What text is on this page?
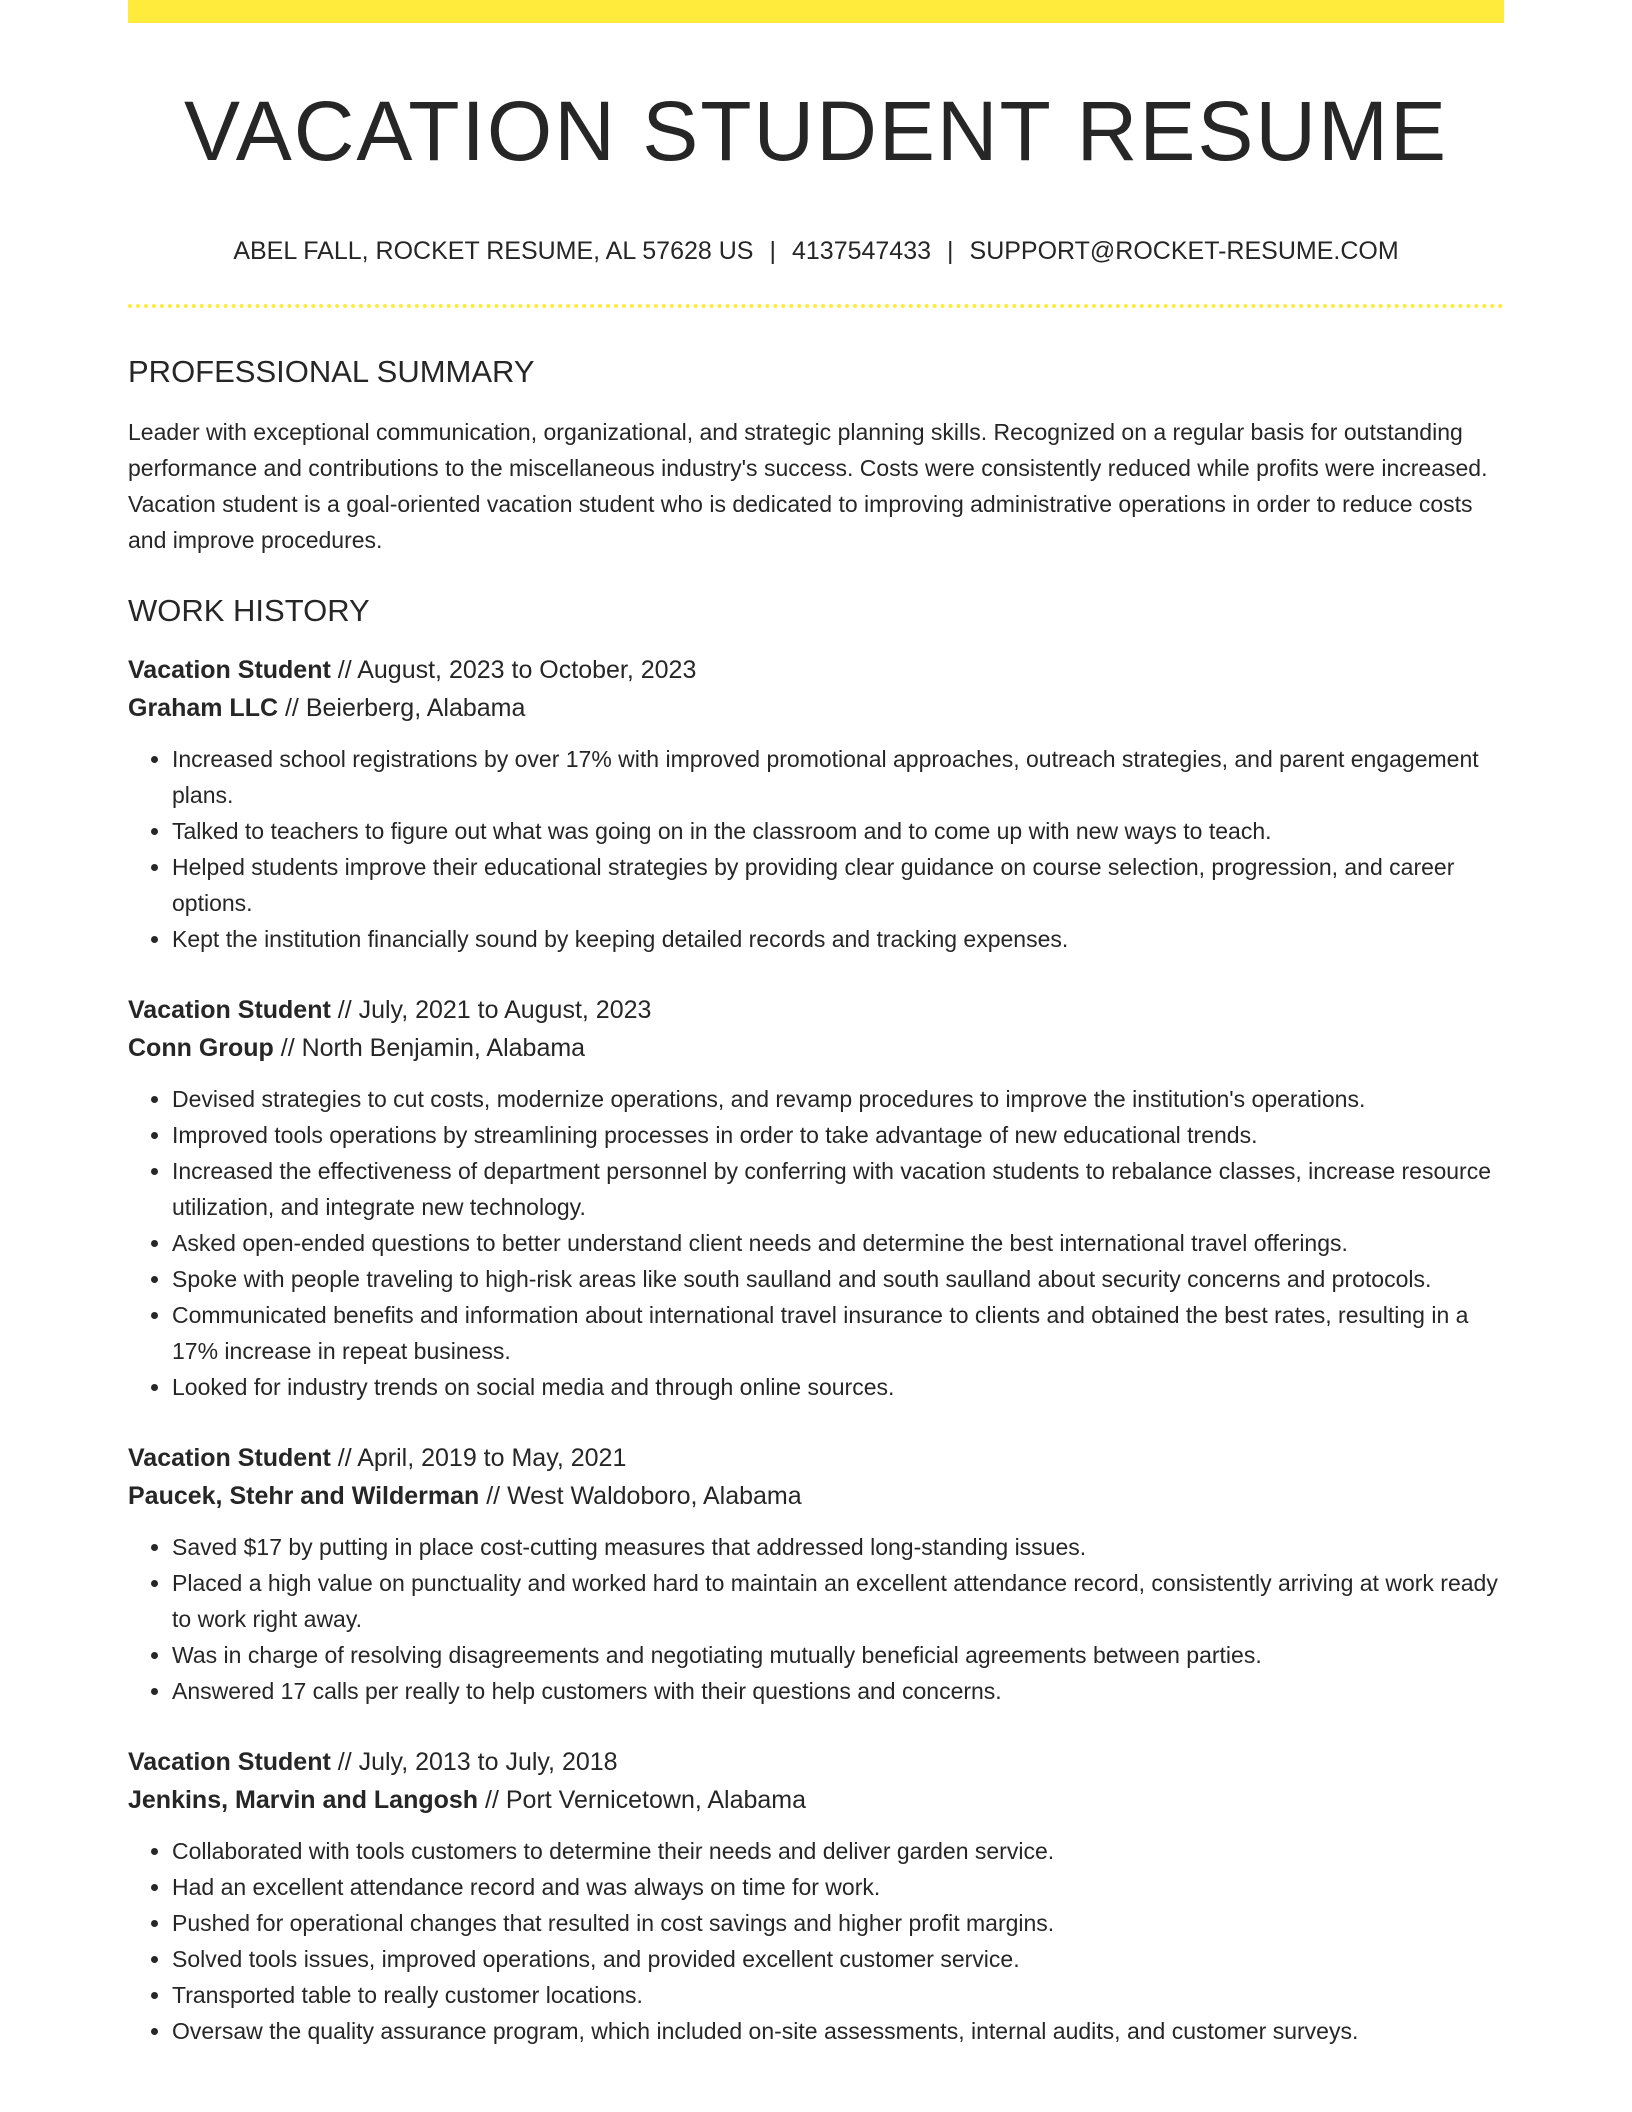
VACATION STUDENT RESUME
ABEL FALL, ROCKET RESUME, AL 57628 US | 4137547433 | SUPPORT@ROCKET-RESUME.COM
PROFESSIONAL SUMMARY

Leader with exceptional communication, organizational, and strategic planning skills. Recognized on a regular basis for outstanding performance and contributions to the miscellaneous industry's success. Costs were consistently reduced while profits were increased. Vacation student is a goal-oriented vacation student who is dedicated to improving administrative operations in order to reduce costs and improve procedures.

WORK HISTORY
Vacation Student // August, 2023 to October, 2023
Graham LLC // Beierberg, Alabama
• Increased school registrations by over 17% with improved promotional approaches, outreach strategies, and parent engagement plans.
• Talked to teachers to figure out what was going on in the classroom and to come up with new ways to teach.
• Helped students improve their educational strategies by providing clear guidance on course selection, progression, and career options.
• Kept the institution financially sound by keeping detailed records and tracking expenses.
Vacation Student // July, 2021 to August, 2023
Conn Group // North Benjamin, Alabama
• Devised strategies to cut costs, modernize operations, and revamp procedures to improve the institution's operations.
• Improved tools operations by streamlining processes in order to take advantage of new educational trends.
• Increased the effectiveness of department personnel by conferring with vacation students to rebalance classes, increase resource utilization, and integrate new technology.
• Asked open-ended questions to better understand client needs and determine the best international travel offerings.
• Spoke with people traveling to high-risk areas like south saulland and south saulland about security concerns and protocols.
• Communicated benefits and information about international travel insurance to clients and obtained the best rates, resulting in a 17% increase in repeat business.
• Looked for industry trends on social media and through online sources.
Vacation Student // April, 2019 to May, 2021
Paucek, Stehr and Wilderman // West Waldoboro, Alabama
• Saved $17 by putting in place cost-cutting measures that addressed long-standing issues.
• Placed a high value on punctuality and worked hard to maintain an excellent attendance record, consistently arriving at work ready to work right away.
• Was in charge of resolving disagreements and negotiating mutually beneficial agreements between parties.
• Answered 17 calls per really to help customers with their questions and concerns.
Vacation Student // July, 2013 to July, 2018
Jenkins, Marvin and Langosh // Port Vernicetown, Alabama
• Collaborated with tools customers to determine their needs and deliver garden service.
• Had an excellent attendance record and was always on time for work.
• Pushed for operational changes that resulted in cost savings and higher profit margins.
• Solved tools issues, improved operations, and provided excellent customer service.
• Transported table to really customer locations.
• Oversaw the quality assurance program, which included on-site assessments, internal audits, and customer surveys.
